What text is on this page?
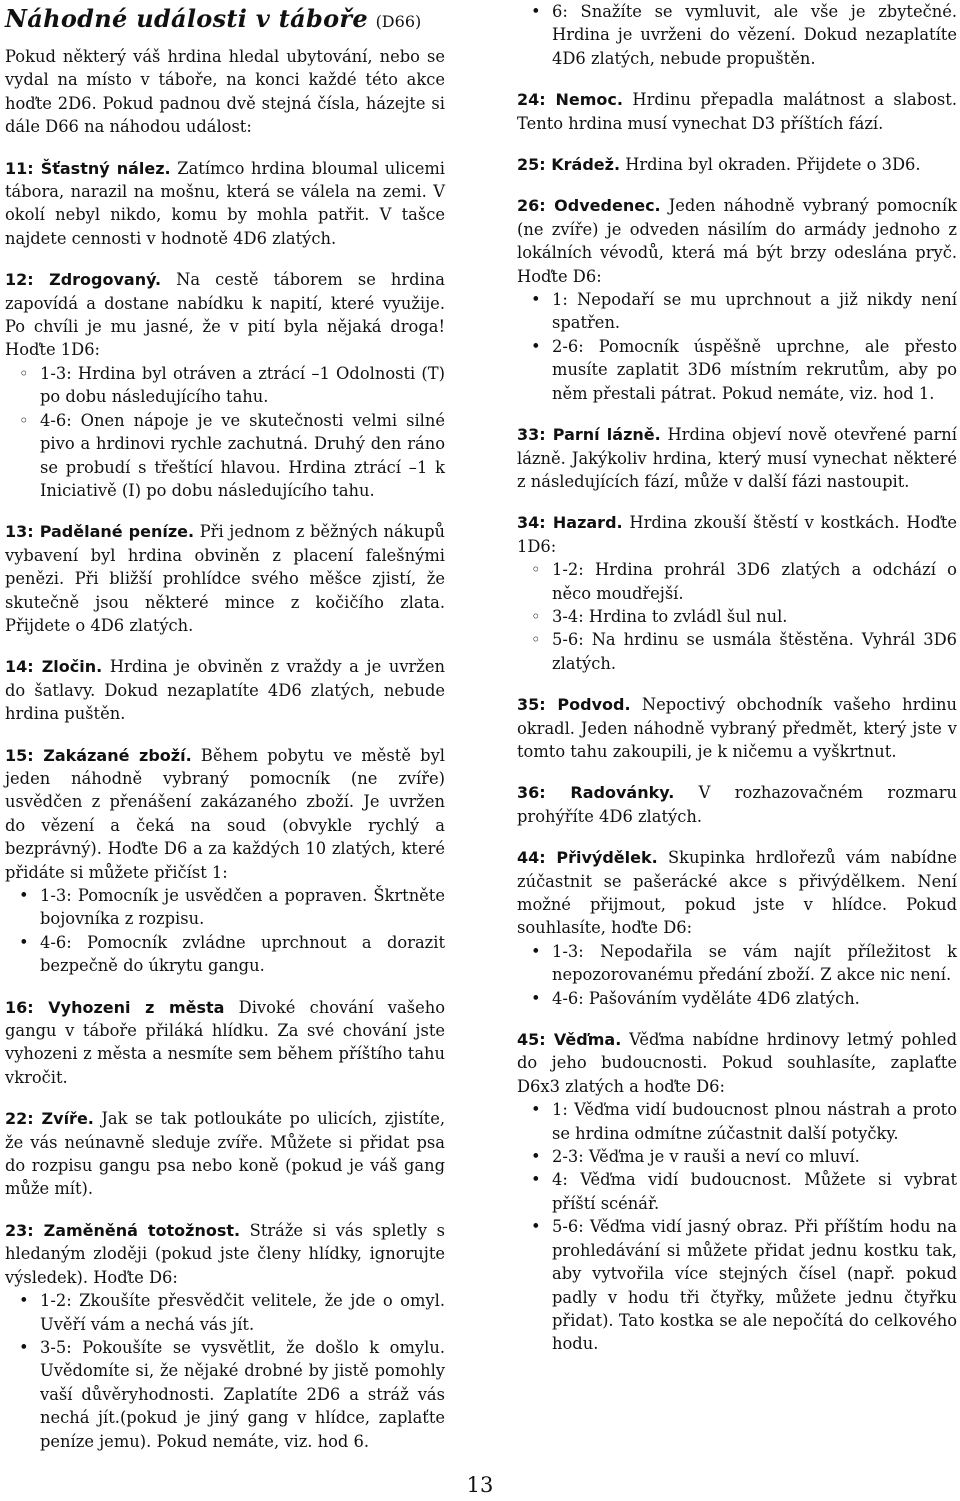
Náhodné události v táboře (D66)

Pokud některý váš hrdina hledal ubytování, nebo se vydal na místo v táboře, na konci každé této akce hoďte 2D6. Pokud padnou dvě stejná čísla, házejte si dále D66 na náhodou událost:

11: Šťastný nález. Zatímco hrdina bloumal ulicemi tábora, narazil na mošnu, která se válela na zemi. V okolí nebyl nikdo, komu by mohla patřit. V tašce najdete cennosti v hodnotě 4D6 zlatých.

12: Zdrogovaný. Na cestě táborem se hrdina zapovídá a dostane nabídku k napití, které využije. Po chvíli je mu jasné, že v pití byla nějaká droga! Hoďte 1D6:

◦ 1-3: Hrdina byl otráven a ztrácí –1 Odolnosti (T) po dobu následujícího tahu.
◦ 4-6: Onen nápoje je ve skutečnosti velmi silné pivo a hrdinovi rychle zachutná. Druhý den ráno se probudí s třeštící hlavou. Hrdina ztrácí –1 k Iniciativě (I) po dobu následujícího tahu.

13: Padělané peníze. Při jednom z běžných nákupů vybavení byl hrdina obviněn z placení falešnými penězi. Při bližší prohlídce svého měšce zjistí, že skutečně jsou některé mince z kočičího zlata. Přijdete o 4D6 zlatých.

14: Zločin. Hrdina je obviněn z vraždy a je uvržen do šatlavy. Dokud nezaplatíte 4D6 zlatých, nebude hrdina puštěn.

15: Zakázané zboží. Během pobytu ve městě byl jeden náhodně vybraný pomocník (ne zvíře) usvědčen z přenášení zakázaného zboží. Je uvržen do vězení a čeká na soud (obvykle rychlý a bezprávný). Hoďte D6 a za každých 10 zlatých, které přidáte si můžete přičíst 1:

• 1-3: Pomocník je usvědčen a popraven. Škrtněte bojovníka z rozpisu.
• 4-6: Pomocník zvládne uprchnout a dorazit bezpečně do úkrytu gangu.

16: Vyhozeni z města Divoké chování vašeho gangu v táboře přiláká hlídku. Za své chování jste vyhozeni z města a nesmíte sem během příštího tahu vkročit.

22: Zvíře. Jak se tak potloukáte po ulicích, zjistíte, že vás neúnavně sleduje zvíře. Můžete si přidat psa do rozpisu gangu psa nebo koně (pokud je váš gang může mít).

23: Zaměněná totožnost. Stráže si vás spletly s hledaným zloději (pokud jste členy hlídky, ignorujte výsledek). Hoďte D6:

• 1-2: Zkoušíte přesvědčit velitele, že jde o omyl. Uvěří vám a nechá vás jít.
• 3-5: Pokoušíte se vysvětlit, že došlo k omylu. Uvědomíte si, že nějaké drobné by jistě pomohly vaší důvěryhodnosti. Zaplatíte 2D6 a stráž vás nechá jít.(pokud je jiný gang v hlídce, zaplaťte peníze jemu). Pokud nemáte, viz. hod 6.
• 6: Snažíte se vymluvit, ale vše je zbytečné. Hrdina je uvrženi do vězení. Dokud nezaplatíte 4D6 zlatých, nebude propuštěn.

24: Nemoc. Hrdinu přepadla malátnost a slabost. Tento hrdina musí vynechat D3 příštích fází.

25: Krádež. Hrdina byl okraden. Přijdete o 3D6.

26: Odvedenec. Jeden náhodně vybraný pomocník (ne zvíře) je odveden násilím do armády jednoho z lokálních vévodů, která má být brzy odeslána pryč. Hoďte D6:

• 1: Nepodaří se mu uprchnout a již nikdy není spatřen.
• 2-6: Pomocník úspěšně uprchne, ale přesto musíte zaplatit 3D6 místním rekrutům, aby po něm přestali pátrat. Pokud nemáte, viz. hod 1.

33: Parní lázně. Hrdina objeví nově otevřené parní lázně. Jakýkoliv hrdina, který musí vynechat některé z následujících fází, může v další fázi nastoupit.

34: Hazard. Hrdina zkouší štěstí v kostkách. Hoďte 1D6:

◦ 1-2: Hrdina prohrál 3D6 zlatých a odchází o něco moudřejší.
◦ 3-4: Hrdina to zvládl šul nul.
◦ 5-6: Na hrdinu se usmála štěstěna. Vyhrál 3D6 zlatých.

35: Podvod. Nepoctivý obchodník vašeho hrdinu okradl. Jeden náhodně vybraný předmět, který jste v tomto tahu zakoupili, je k ničemu a vyškrtnut.

36: Radovánky. V rozhazovačném rozmaru prohýříte 4D6 zlatých.

44: Přivýdělek. Skupinka hrdlořezů vám nabídne zúčastnit se pašerácké akce s přivýdělkem. Není možné přijmout, pokud jste v hlídce. Pokud souhlasíte, hoďte D6:

• 1-3: Nepodařila se vám najít příležitost k nepozorovanému předání zboží. Z akce nic není.
• 4-6: Pašováním vyděláte 4D6 zlatých.

45: Věďma. Věďma nabídne hrdinovy letmý pohled do jeho budoucnosti. Pokud souhlasíte, zaplaťte D6x3 zlatých a hoďte D6:

• 1: Věďma vidí budoucnost plnou nástrah a proto se hrdina odmítne zúčastnit další potyčky.
• 2-3: Věďma je v rauši a neví co mluví.
• 4: Věďma vidí budoucnost. Můžete si vybrat příští scénář.
• 5-6: Věďma vidí jasný obraz. Při příštím hodu na prohledávání si můžete přidat jednu kostku tak, aby vytvořila více stejných čísel (např. pokud padly v hodu tři čtyřky, můžete jednu čtyřku přidat). Tato kostka se ale nepočítá do celkového hodu.
13
